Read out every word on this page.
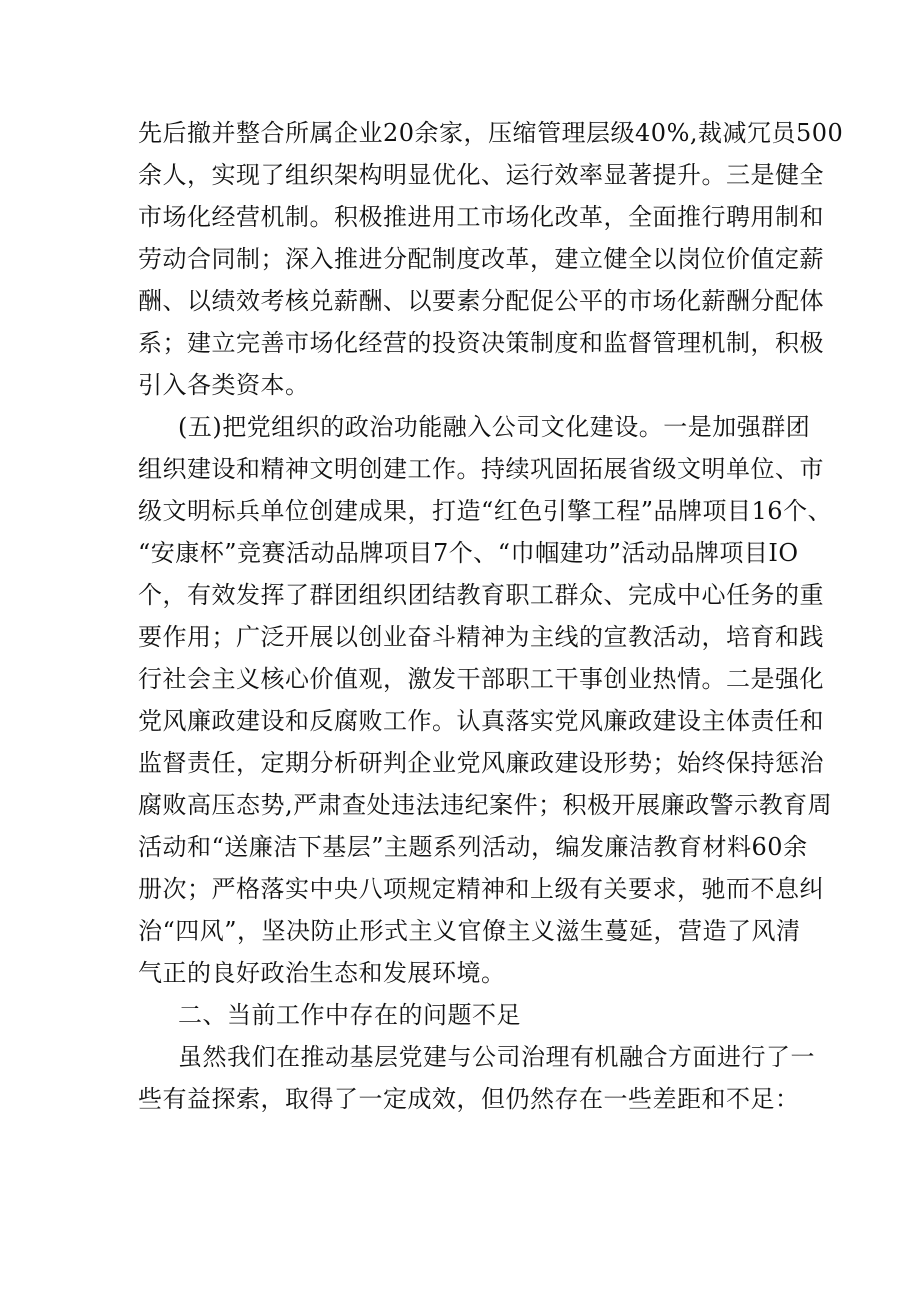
先后撤并整合所属企业20余家，压缩管理层级40%,裁减冗员500
余人，实现了组织架构明显优化、运行效率显著提升。三是健全
市场化经营机制。积极推进用工市场化改革，全面推行聘用制和
劳动合同制；深入推进分配制度改革，建立健全以岗位价值定薪
酬、以绩效考核兑薪酬、以要素分配促公平的市场化薪酬分配体
系；建立完善市场化经营的投资决策制度和监督管理机制，积极
引入各类资本。
(五)把党组织的政治功能融入公司文化建设。一是加强群团
组织建设和精神文明创建工作。持续巩固拓展省级文明单位、市
级文明标兵单位创建成果，打造“红色引擎工程”品牌项目16个、
“安康杯”竞赛活动品牌项目7个、“巾帼建功”活动品牌项目IO
个，有效发挥了群团组织团结教育职工群众、完成中心任务的重
要作用；广泛开展以创业奋斗精神为主线的宣教活动，培育和践
行社会主义核心价值观，激发干部职工干事创业热情。二是强化
党风廉政建设和反腐败工作。认真落实党风廉政建设主体责任和
监督责任，定期分析研判企业党风廉政建设形势；始终保持惩治
腐败高压态势,严肃查处违法违纪案件；积极开展廉政警示教育周
活动和“送廉洁下基层”主题系列活动，编发廉洁教育材料60余
册次；严格落实中央八项规定精神和上级有关要求，驰而不息纠
治“四风”，坚决防止形式主义官僚主义滋生蔓延，营造了风清
气正的良好政治生态和发展环境。
二、当前工作中存在的问题不足
虽然我们在推动基层党建与公司治理有机融合方面进行了一
些有益探索，取得了一定成效，但仍然存在一些差距和不足：
